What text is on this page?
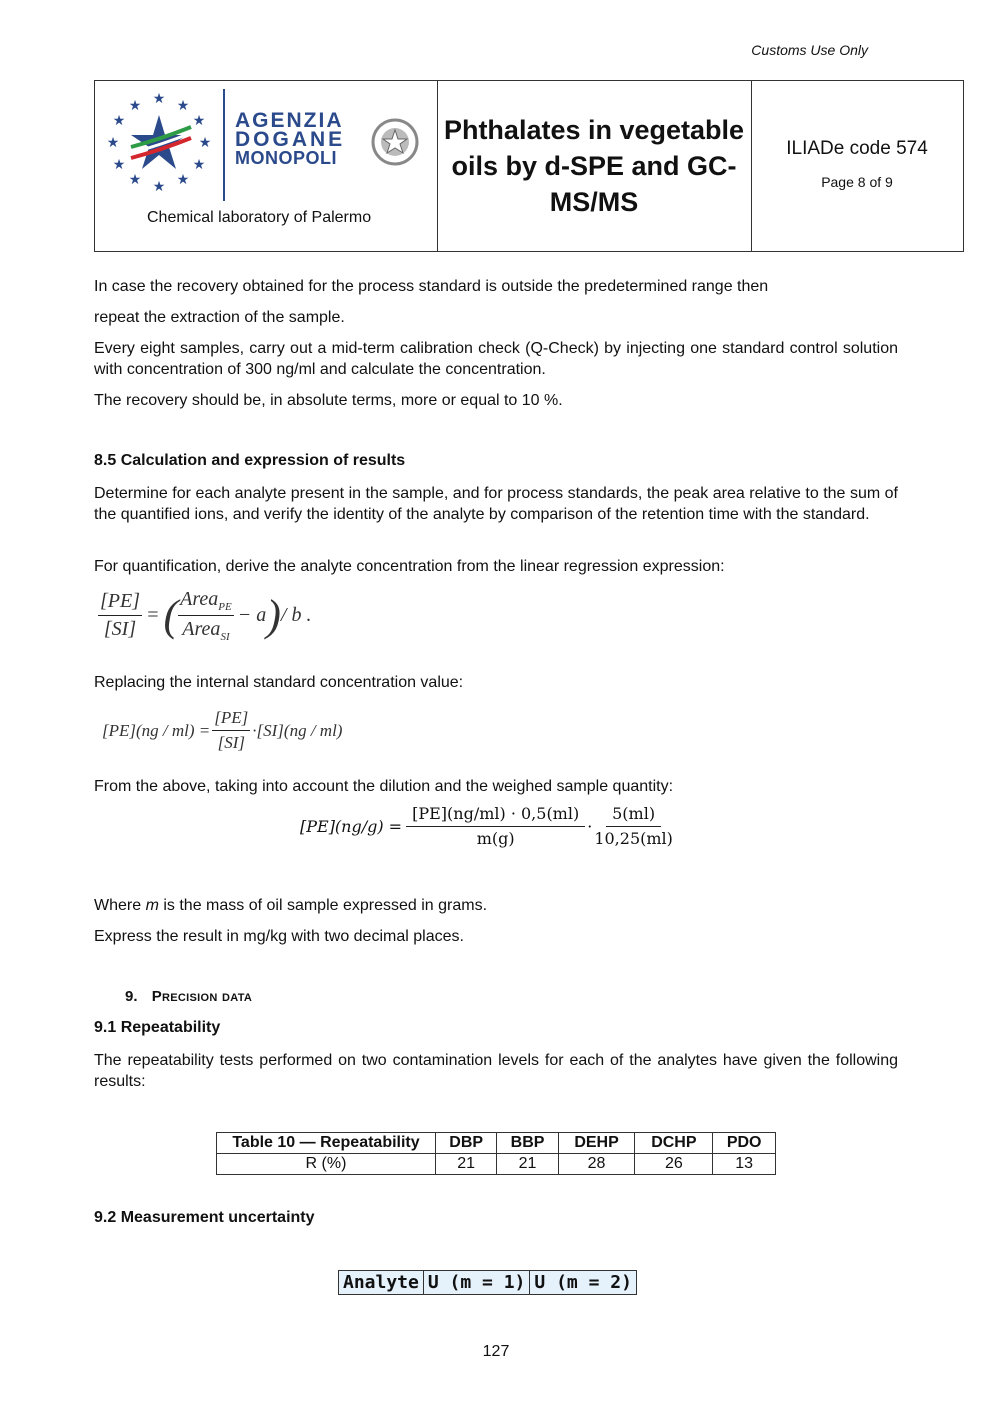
Customs Use Only
★ ★
★
★
★
★
★
★
★
★
★
★
AGENZIA
DOGANE
MONOPOLI
Chemical laboratory of Palermo
Phthalates in vegetable
oils by d-SPE and GC-
MS/MS
ILIADe code 574
Page 8 of 9
In case the recovery obtained for the process standard is outside the predetermined range then
repeat the extraction of the sample.
Every eight samples, carry out a mid-term calibration check (Q-Check) by injecting one standard control solution with concentration of 300 ng/ml and calculate the concentration.
The recovery should be, in absolute terms, more or equal to 10 %.
8.5 Calculation and expression of results
Determine for each analyte present in the sample, and for process standards, the peak area relative to the sum of the quantified ions, and verify the identity of the analyte by comparison of the retention time with the standard.
For quantification, derive the analyte concentration from the linear regression expression:
$\frac{[PE]}{[SI]}$ = ( $\frac{Area_{PE}}{Area_{SI}} - a$ ) / b .
Replacing the internal standard concentration value:
$[PE](ng / ml) = \frac{[PE]}{[SI]} \cdot[SI](ng / ml)$
From the above, taking into account the dilution and the weighed sample quantity:
$[PE](ng/g) = \frac{[PE](ng/ml) \cdot 0,5(ml)}{m(g)} \cdot \frac{5(ml)}{10,25(ml)}$
Where m is the mass of oil sample expressed in grams.
Express the result in mg/kg with two decimal places.
9. Precision data
9.1 Repeatability
The repeatability tests performed on two contamination levels for each of the analytes have given the following results:
Table 10 — Repeatability	DBP	BBP	DEHP	DCHP	PDO
R (%)	21	21	28	26	13
9.2 Measurement uncertainty
Analyte	U (m = 1)	U (m = 2)
127
